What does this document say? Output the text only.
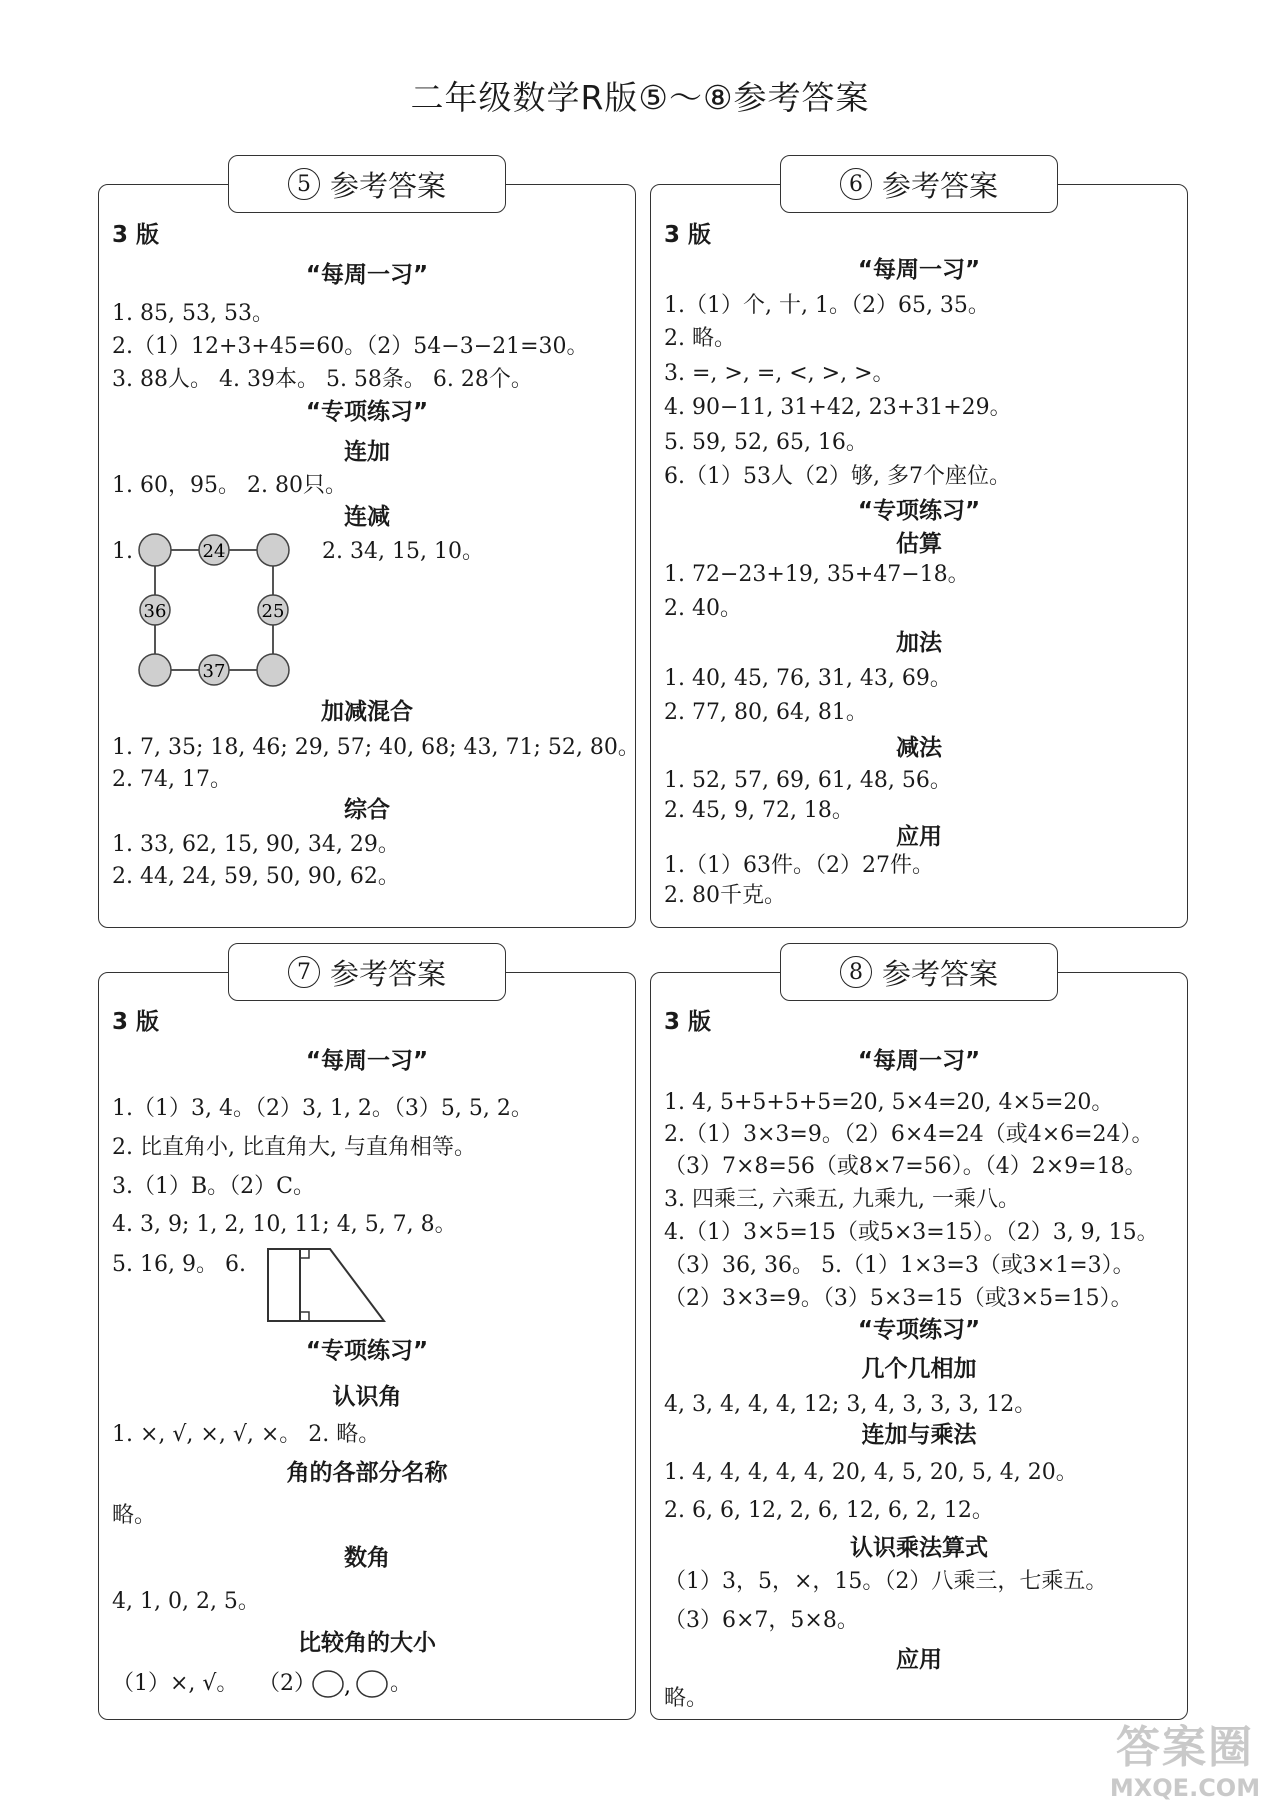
二年级数学R版⑤～⑧参考答案
5 参考答案
3 版
“每周一习”
1. 85, 53, 53。
2.（1）12+3+45=60。（2）54−3−21=30。
3. 88人。 4. 39本。 5. 58条。 6. 28个。
“专项练习”
连加
1. 60，95。 2. 80只。
连减
1.	2. 34, 15, 10。
24
36	25
37
加减混合
1. 7, 35; 18, 46; 29, 57; 40, 68; 43, 71; 52, 80。
2. 74, 17。
综合
1. 33, 62, 15, 90, 34, 29。
2. 44, 24, 59, 50, 90, 62。
6 参考答案
3 版
“每周一习”
1.（1）个, 十, 1。（2）65, 35。
2. 略。
3. =, >, =, <, >, >。
4. 90−11, 31+42, 23+31+29。
5. 59, 52, 65, 16。
6.（1）53人（2）够, 多7个座位。
“专项练习”
估算
1. 72−23+19, 35+47−18。
2. 40。
加法
1. 40, 45, 76, 31, 43, 69。
2. 77, 80, 64, 81。
减法
1. 52, 57, 69, 61, 48, 56。
2. 45, 9, 72, 18。
应用
1.（1）63件。（2）27件。
2. 80千克。
7 参考答案
3 版
“每周一习”
1.（1）3, 4。（2）3, 1, 2。（3）5, 5, 2。
2. 比直角小, 比直角大, 与直角相等。
3.（1）B。（2）C。
4. 3, 9; 1, 2, 10, 11; 4, 5, 7, 8。
5. 16, 9。 6.
“专项练习”
认识角
1. ×, √, ×, √, ×。 2. 略。
角的各部分名称
略。
数角
4, 1, 0, 2, 5。
比较角的大小
（1）×, √。 （2） , 。
8 参考答案
3 版
“每周一习”
1. 4, 5+5+5+5=20, 5×4=20, 4×5=20。
2.（1）3×3=9。（2）6×4=24（或4×6=24）。
（3）7×8=56（或8×7=56）。（4）2×9=18。
3. 四乘三, 六乘五, 九乘九, 一乘八。
4.（1）3×5=15（或5×3=15）。（2）3, 9, 15。
（3）36, 36。 5.（1）1×3=3（或3×1=3）。
（2）3×3=9。（3）5×3=15（或3×5=15）。
“专项练习”
几个几相加
4, 3, 4, 4, 4, 12; 3, 4, 3, 3, 3, 12。
连加与乘法
1. 4, 4, 4, 4, 4, 20, 4, 5, 20, 5, 4, 20。
2. 6, 6, 12, 2, 6, 12, 6, 2, 12。
认识乘法算式
（1）3，5，×，15。（2）八乘三，七乘五。
（3）6×7，5×8。
应用
略。
答案圈
MXQE.COM
